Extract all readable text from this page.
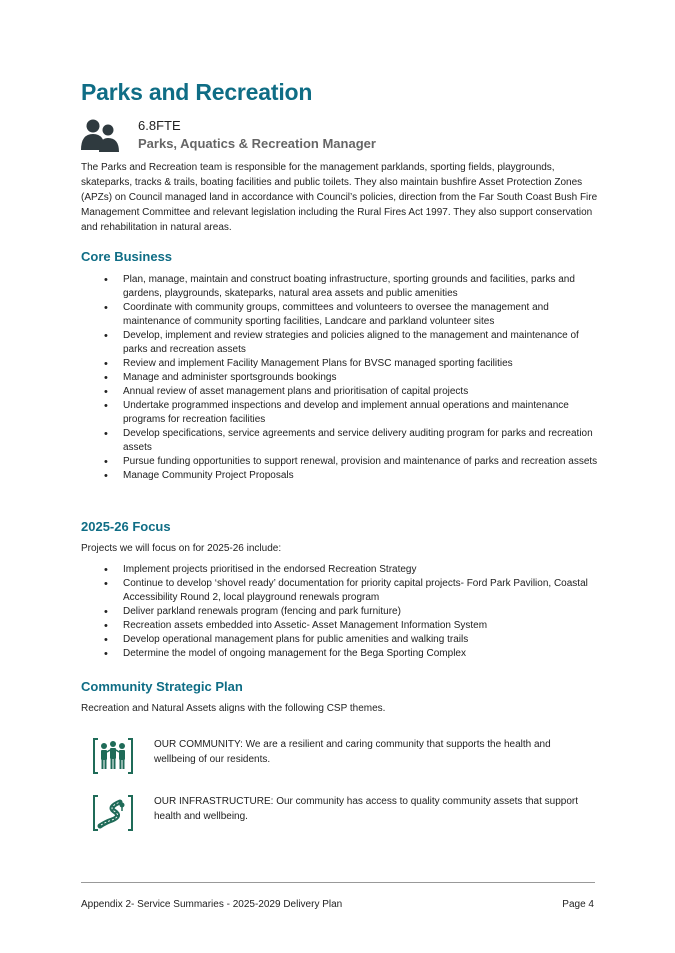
Parks and Recreation
6.8FTE
Parks, Aquatics & Recreation Manager

The Parks and Recreation team is responsible for the management parklands, sporting fields, playgrounds, skateparks, tracks & trails, boating facilities and public toilets. They also maintain bushfire Asset Protection Zones (APZs) on Council managed land in accordance with Council’s policies, direction from the Far South Coast Bush Fire Management Committee and relevant legislation including the Rural Fires Act 1997. They also support conservation and rehabilitation in natural areas.

Core Business
• Plan, manage, maintain and construct boating infrastructure, sporting grounds and facilities, parks and gardens, playgrounds, skateparks, natural area assets and public amenities
• Coordinate with community groups, committees and volunteers to oversee the management and maintenance of community sporting facilities, Landcare and parkland volunteer sites
• Develop, implement and review strategies and policies aligned to the management and maintenance of parks and recreation assets
• Review and implement Facility Management Plans for BVSC managed sporting facilities
• Manage and administer sportsgrounds bookings
• Annual review of asset management plans and prioritisation of capital projects
• Undertake programmed inspections and develop and implement annual operations and maintenance programs for recreation facilities
• Develop specifications, service agreements and service delivery auditing program for parks and recreation assets
• Pursue funding opportunities to support renewal, provision and maintenance of parks and recreation assets
• Manage Community Project Proposals
2025-26 Focus

Projects we will focus on for 2025-26 include:

• Implement projects prioritised in the endorsed Recreation Strategy
• Continue to develop ‘shovel ready’ documentation for priority capital projects- Ford Park Pavilion, Coastal Accessibility Round 2, local playground renewals program
• Deliver parkland renewals program (fencing and park furniture)
• Recreation assets embedded into Assetic- Asset Management Information System
• Develop operational management plans for public amenities and walking trails
• Determine the model of ongoing management for the Bega Sporting Complex
Community Strategic Plan

Recreation and Natural Assets aligns with the following CSP themes.

OUR COMMUNITY: We are a resilient and caring community that supports the health and wellbeing of our residents.

OUR INFRASTRUCTURE: Our community has access to quality community assets that support health and wellbeing.

Appendix 2- Service Summaries - 2025-2029 Delivery Plan	Page 4
